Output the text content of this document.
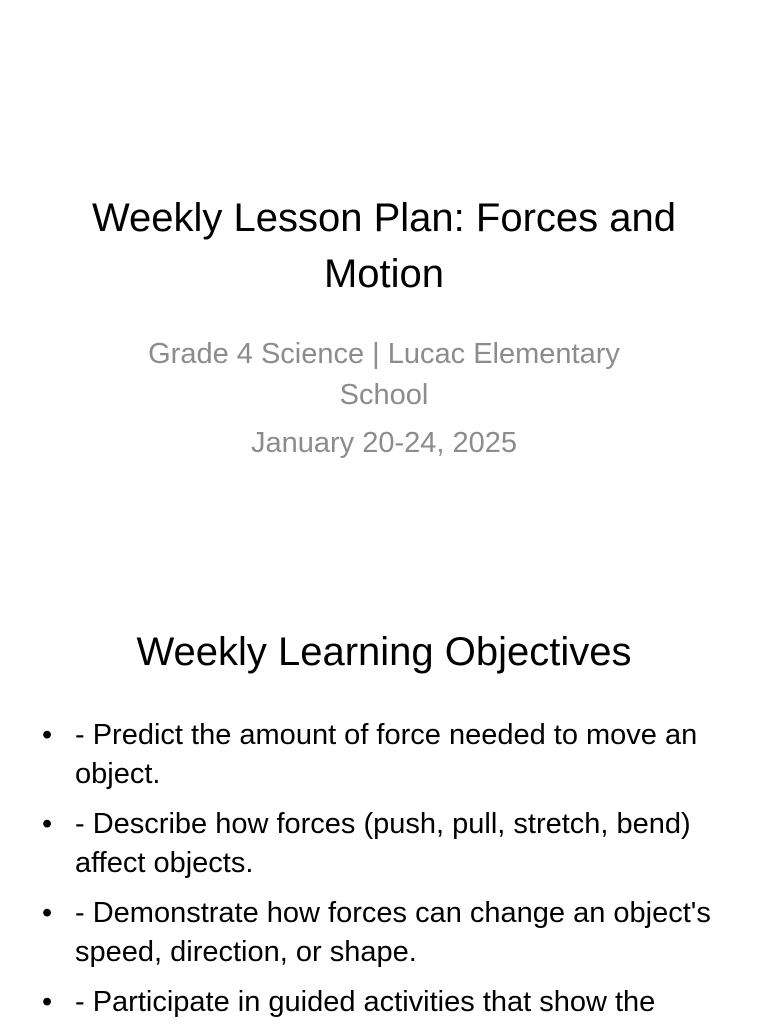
Weekly Lesson Plan: Forces and Motion

Grade 4 Science | Lucac Elementary School

January 20-24, 2025

Weekly Learning Objectives
• - Predict the amount of force needed to move an object.
• - Describe how forces (push, pull, stretch, bend) affect objects.
• - Demonstrate how forces can change an object's speed, direction, or shape.
• - Participate in guided activities that show the
